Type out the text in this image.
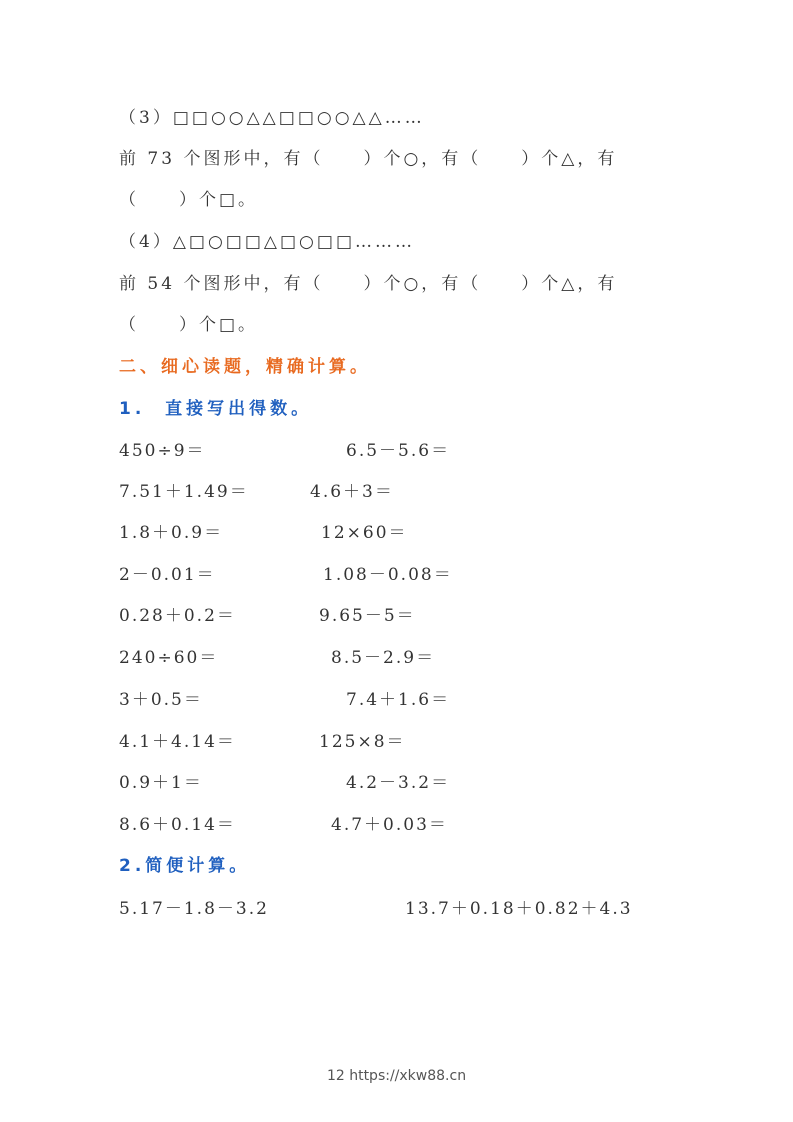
（3）□□○○△△□□○○△△……
前 73 个图形中，有（　　）个○，有（　　）个△，有
（　　）个□。
（4）△□○□□△□○□□………
前 54 个图形中，有（　　）个○，有（　　）个△，有
（　　）个□。
二、细心读题，精确计算。
1.  直接写出得数。
450÷9＝	6.5－5.6＝
7.51＋1.49＝	4.6＋3＝
1.8＋0.9＝	12×60＝
2－0.01＝	1.08－0.08＝
0.28＋0.2＝	9.65－5＝
240÷60＝	8.5－2.9＝
3＋0.5＝	7.4＋1.6＝
4.1＋4.14＝	125×8＝
0.9＋1＝	4.2－3.2＝
8.6＋0.14＝	4.7＋0.03＝
2.简便计算。
5.17－1.8－3.2	13.7＋0.18＋0.82＋4.3
12 https://xkw88.cn
